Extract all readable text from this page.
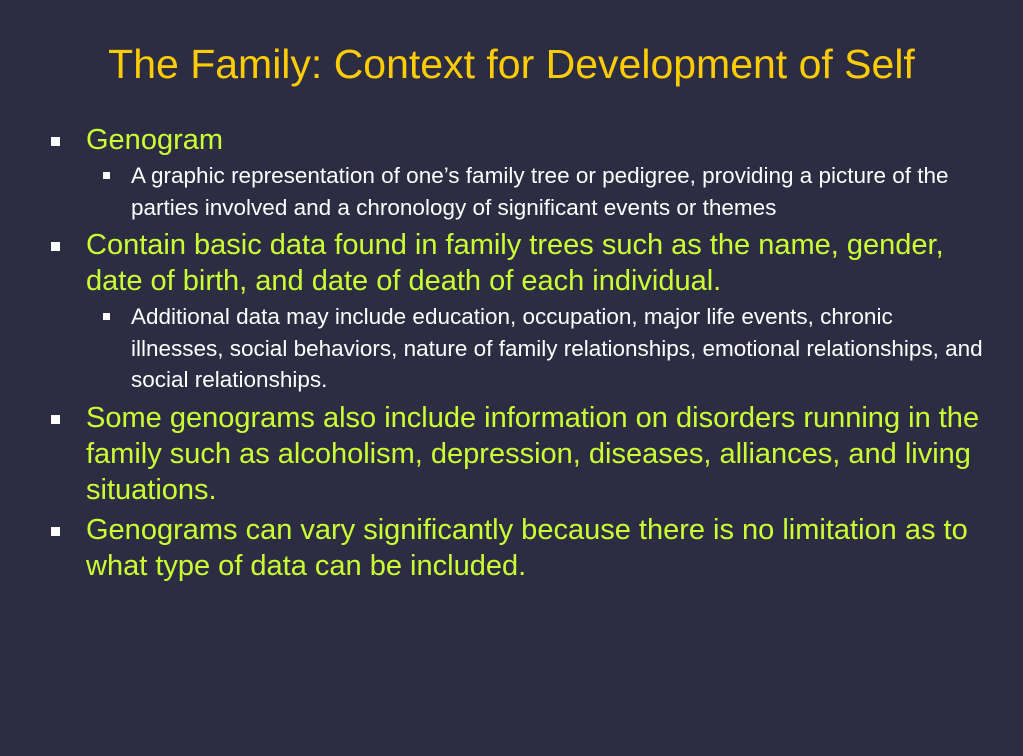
The Family: Context for Development of Self
Genogram
A graphic representation of one’s family tree or pedigree, providing a picture of the parties involved and a chronology of significant events or themes
Contain basic data found in family trees such as the name, gender, date of birth, and date of death of each individual.
Additional data may include education, occupation, major life events, chronic illnesses, social behaviors, nature of family relationships, emotional relationships, and social relationships.
Some genograms also include information on disorders running in the family such as alcoholism, depression, diseases, alliances, and living situations.
Genograms can vary significantly because there is no limitation as to what type of data can be included.
